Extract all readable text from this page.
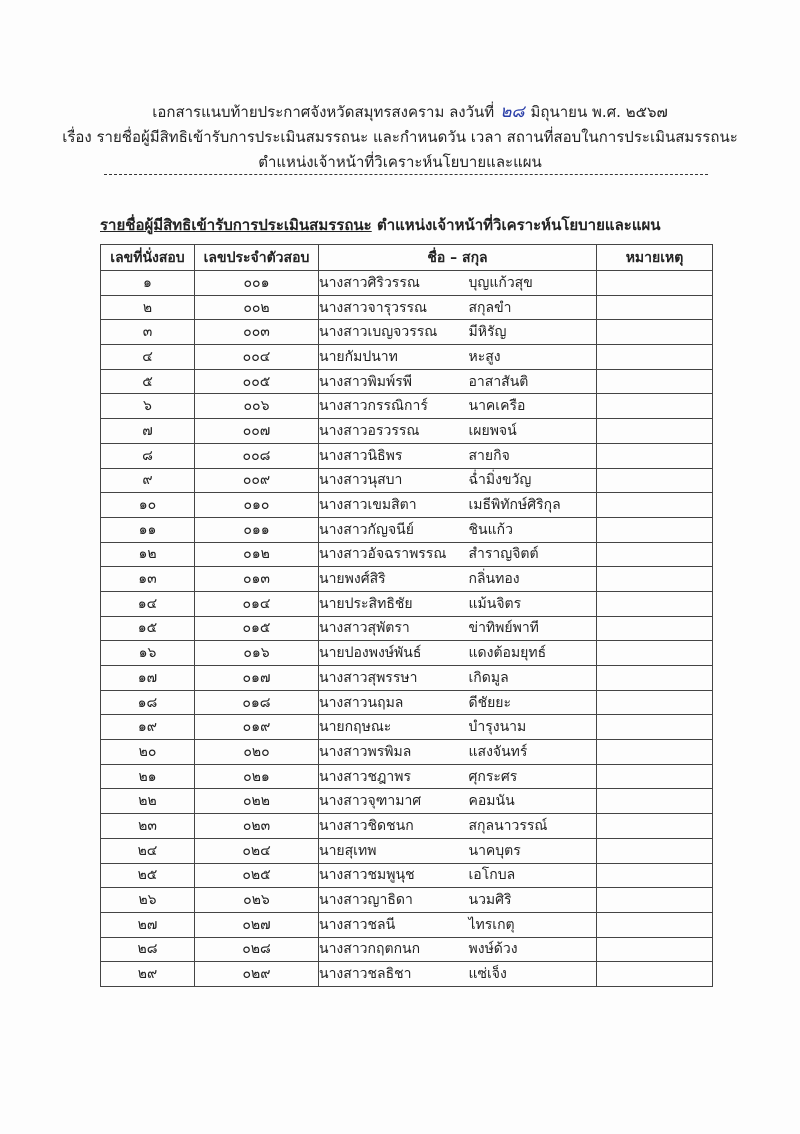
เอกสารแนบท้ายประกาศจังหวัดสมุทรสงคราม ลงวันที่ ๒๘ มิถุนายน พ.ศ. ๒๕๖๗
เรื่อง รายชื่อผู้มีสิทธิเข้ารับการประเมินสมรรถนะ และกำหนดวัน เวลา สถานที่สอบในการประเมินสมรรถนะ
ตำแหน่งเจ้าหน้าที่วิเคราะห์นโยบายและแผน
รายชื่อผู้มีสิทธิเข้ารับการประเมินสมรรถนะ ตำแหน่งเจ้าหน้าที่วิเคราะห์นโยบายและแผน
เลขที่นั่งสอบ	เลขประจำตัวสอบ	ชื่อ – สกุล		หมายเหตุ
๑	๐๐๑	นางสาวศิริวรรณ	บุญแก้วสุข	
๒	๐๐๒	นางสาวจารุวรรณ	สกุลขำ	
๓	๐๐๓	นางสาวเบญจวรรณ	มีหิรัญ	
๔	๐๐๔	นายกัมปนาท	หะสูง	
๕	๐๐๕	นางสาวพิมพ์รพี	อาสาสันติ	
๖	๐๐๖	นางสาวกรรณิการ์	นาคเครือ	
๗	๐๐๗	นางสาวอรวรรณ	เผยพจน์	
๘	๐๐๘	นางสาวนิธิพร	สายกิจ	
๙	๐๐๙	นางสาวนุสบา	ฉ่ำมิ่งขวัญ	
๑๐	๐๑๐	นางสาวเขมสิตา	เมธีพิทักษ์ศิริกุล	
๑๑	๐๑๑	นางสาวกัญจนีย์	ชินแก้ว	
๑๒	๐๑๒	นางสาวอัจฉราพรรณ	สำราญจิตต์	
๑๓	๐๑๓	นายพงศ์สิริ	กลิ่นทอง	
๑๔	๐๑๔	นายประสิทธิชัย	แม้นจิตร	
๑๕	๐๑๕	นางสาวสุพัตรา	ข่าทิพย์พาที	
๑๖	๐๑๖	นายปองพงษ์พันธ์	แดงต้อมยุทธ์	
๑๗	๐๑๗	นางสาวสุพรรษา	เกิดมูล	
๑๘	๐๑๘	นางสาวนฤมล	ดีชัยยะ	
๑๙	๐๑๙	นายกฤษณะ	บำรุงนาม	
๒๐	๐๒๐	นางสาวพรพิมล	แสงจันทร์	
๒๑	๐๒๑	นางสาวชฎาพร	ศุกระศร	
๒๒	๐๒๒	นางสาวจุฑามาศ	คอมนัน	
๒๓	๐๒๓	นางสาวชิดชนก	สกุลนาวรรณ์	
๒๔	๐๒๔	นายสุเทพ	นาคบุตร	
๒๕	๐๒๕	นางสาวชมพูนุช	เอโกบล	
๒๖	๐๒๖	นางสาวญาธิดา	นวมศิริ	
๒๗	๐๒๗	นางสาวชลนี	ไทรเกตุ	
๒๘	๐๒๘	นางสาวกฤตกนก	พงษ์ด้วง	
๒๙	๐๒๙	นางสาวชลธิชา	แซ่เจ็ง	
